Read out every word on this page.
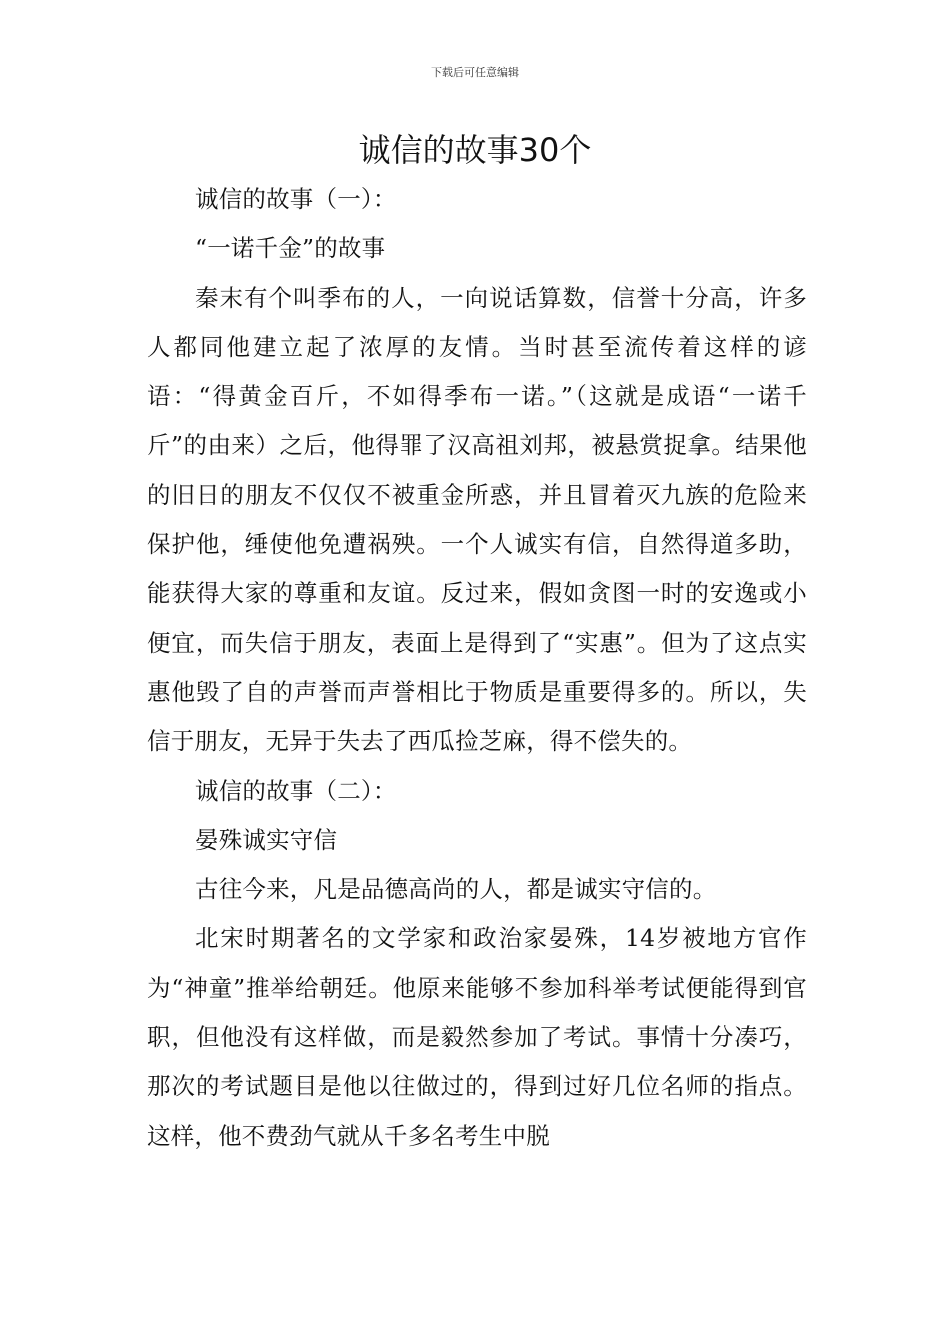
下载后可任意编辑
诚信的故事30个

诚信的故事（一）：

“一诺千金”的故事

秦末有个叫季布的人，一向说话算数，信誉十分高，许多人都同他建立起了浓厚的友情。当时甚至流传着这样的谚语：“得黄金百斤，不如得季布一诺。”（这就是成语“一诺千斤”的由来）之后，他得罪了汉高祖刘邦，被悬赏捉拿。结果他的旧日的朋友不仅仅不被重金所惑，并且冒着灭九族的危险来保护他，缍使他免遭祸殃。一个人诚实有信，自然得道多助，能获得大家的尊重和友谊。反过来，假如贪图一时的安逸或小便宜，而失信于朋友，表面上是得到了“实惠”。但为了这点实惠他毁了自的声誉而声誉相比于物质是重要得多的。所以，失信于朋友，无异于失去了西瓜捡芝麻，得不偿失的。

诚信的故事（二）：

晏殊诚实守信

古往今来，凡是品德高尚的人，都是诚实守信的。

北宋时期著名的文学家和政治家晏殊，14岁被地方官作为“神童”推举给朝廷。他原来能够不参加科举考试便能得到官职，但他没有这样做，而是毅然参加了考试。事情十分凑巧，那次的考试题目是他以往做过的，得到过好几位名师的指点。这样，他不费劲气就从千多名考生中脱
